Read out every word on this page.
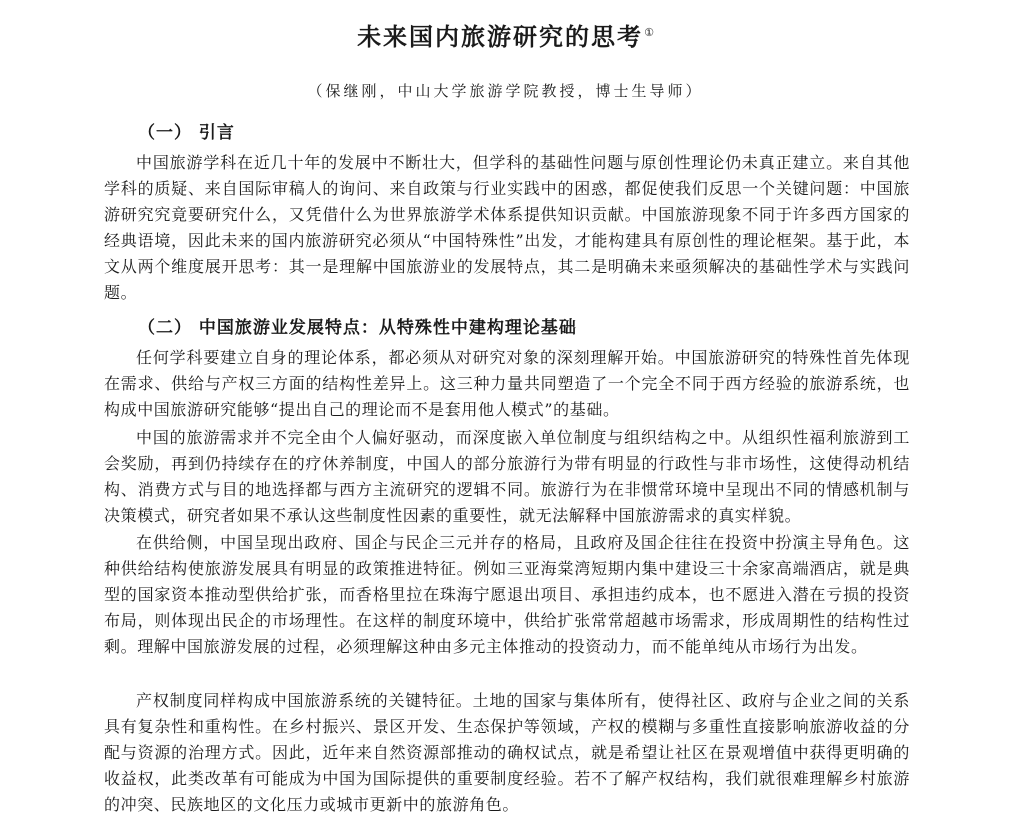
未来国内旅游研究的思考①
（保继刚，中山大学旅游学院教授，博士生导师）
（一） 引言

中国旅游学科在近几十年的发展中不断壮大，但学科的基础性问题与原创性理论仍未真正建立。来自其他学科的质疑、来自国际审稿人的询问、来自政策与行业实践中的困惑，都促使我们反思一个关键问题：中国旅游研究究竟要研究什么，又凭借什么为世界旅游学术体系提供知识贡献。中国旅游现象不同于许多西方国家的经典语境，因此未来的国内旅游研究必须从“中国特殊性”出发，才能构建具有原创性的理论框架。基于此，本文从两个维度展开思考：其一是理解中国旅游业的发展特点，其二是明确未来亟须解决的基础性学术与实践问题。

（二） 中国旅游业发展特点：从特殊性中建构理论基础

任何学科要建立自身的理论体系，都必须从对研究对象的深刻理解开始。中国旅游研究的特殊性首先体现在需求、供给与产权三方面的结构性差异上。这三种力量共同塑造了一个完全不同于西方经验的旅游系统，也构成中国旅游研究能够“提出自己的理论而不是套用他人模式”的基础。

中国的旅游需求并不完全由个人偏好驱动，而深度嵌入单位制度与组织结构之中。从组织性福利旅游到工会奖励，再到仍持续存在的疗休养制度，中国人的部分旅游行为带有明显的行政性与非市场性，这使得动机结构、消费方式与目的地选择都与西方主流研究的逻辑不同。旅游行为在非惯常环境中呈现出不同的情感机制与决策模式，研究者如果不承认这些制度性因素的重要性，就无法解释中国旅游需求的真实样貌。

在供给侧，中国呈现出政府、国企与民企三元并存的格局，且政府及国企往往在投资中扮演主导角色。这种供给结构使旅游发展具有明显的政策推进特征。例如三亚海棠湾短期内集中建设三十余家高端酒店，就是典型的国家资本推动型供给扩张，而香格里拉在珠海宁愿退出项目、承担违约成本，也不愿进入潜在亏损的投资布局，则体现出民企的市场理性。在这样的制度环境中，供给扩张常常超越市场需求，形成周期性的结构性过剩。理解中国旅游发展的过程，必须理解这种由多元主体推动的投资动力，而不能单纯从市场行为出发。

产权制度同样构成中国旅游系统的关键特征。土地的国家与集体所有，使得社区、政府与企业之间的关系具有复杂性和重构性。在乡村振兴、景区开发、生态保护等领域，产权的模糊与多重性直接影响旅游收益的分配与资源的治理方式。因此，近年来自然资源部推动的确权试点，就是希望让社区在景观增值中获得更明确的收益权，此类改革有可能成为中国为国际提供的重要制度经验。若不了解产权结构，我们就很难理解乡村旅游的冲突、民族地区的文化压力或城市更新中的旅游角色。
